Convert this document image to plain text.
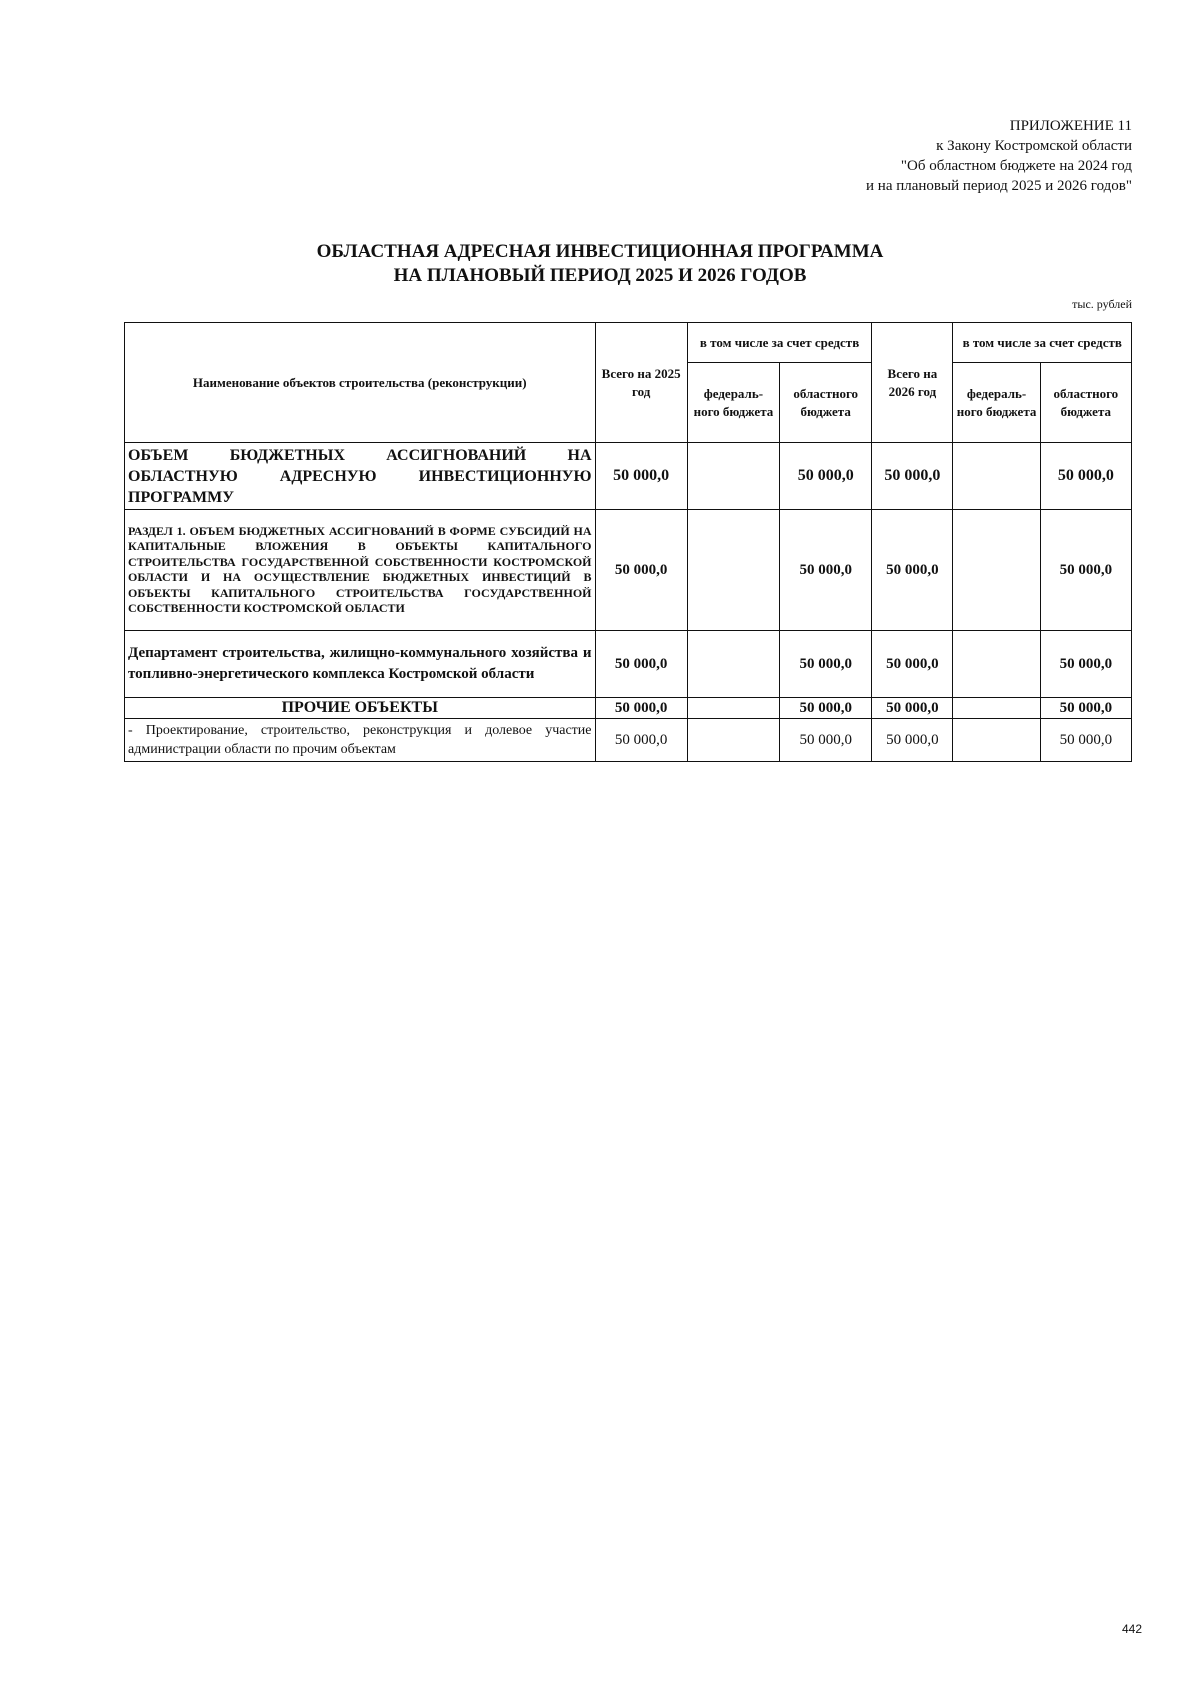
ПРИЛОЖЕНИЕ 11
к Закону Костромской области
"Об областном бюджете на 2024 год
и на плановый период 2025 и 2026 годов"
ОБЛАСТНАЯ АДРЕСНАЯ ИНВЕСТИЦИОННАЯ ПРОГРАММА
НА ПЛАНОВЫЙ ПЕРИОД 2025 И 2026 ГОДОВ
тыс. рублей
Наименование объектов строительства (реконструкции)	Всего на 2025 год	в том числе за счет средств		Всего на 2026 год	в том числе за счет средств	
		федераль-ного бюджета	областного бюджета		федераль-ного бюджета	областного бюджета
ОБЪЕМ БЮДЖЕТНЫХ АССИГНОВАНИЙ НА ОБЛАСТНУЮ АДРЕСНУЮ ИНВЕСТИЦИОННУЮ ПРОГРАММУ	50 000,0		50 000,0	50 000,0		50 000,0
РАЗДЕЛ 1. ОБЪЕМ БЮДЖЕТНЫХ АССИГНОВАНИЙ В ФОРМЕ СУБСИДИЙ НА КАПИТАЛЬНЫЕ ВЛОЖЕНИЯ В ОБЪЕКТЫ КАПИТАЛЬНОГО СТРОИТЕЛЬСТВА ГОСУДАРСТВЕННОЙ СОБСТВЕННОСТИ КОСТРОМСКОЙ ОБЛАСТИ И НА ОСУЩЕСТВЛЕНИЕ БЮДЖЕТНЫХ ИНВЕСТИЦИЙ В ОБЪЕКТЫ КАПИТАЛЬНОГО СТРОИТЕЛЬСТВА ГОСУДАРСТВЕННОЙ СОБСТВЕННОСТИ КОСТРОМСКОЙ ОБЛАСТИ	50 000,0		50 000,0	50 000,0		50 000,0
Департамент строительства, жилищно-коммунального хозяйства и топливно-энергетического комплекса Костромской области	50 000,0		50 000,0	50 000,0		50 000,0
ПРОЧИЕ ОБЪЕКТЫ	50 000,0		50 000,0	50 000,0		50 000,0
- Проектирование, строительство, реконструкция и долевое участие администрации области по прочим объектам	50 000,0		50 000,0	50 000,0		50 000,0
442
